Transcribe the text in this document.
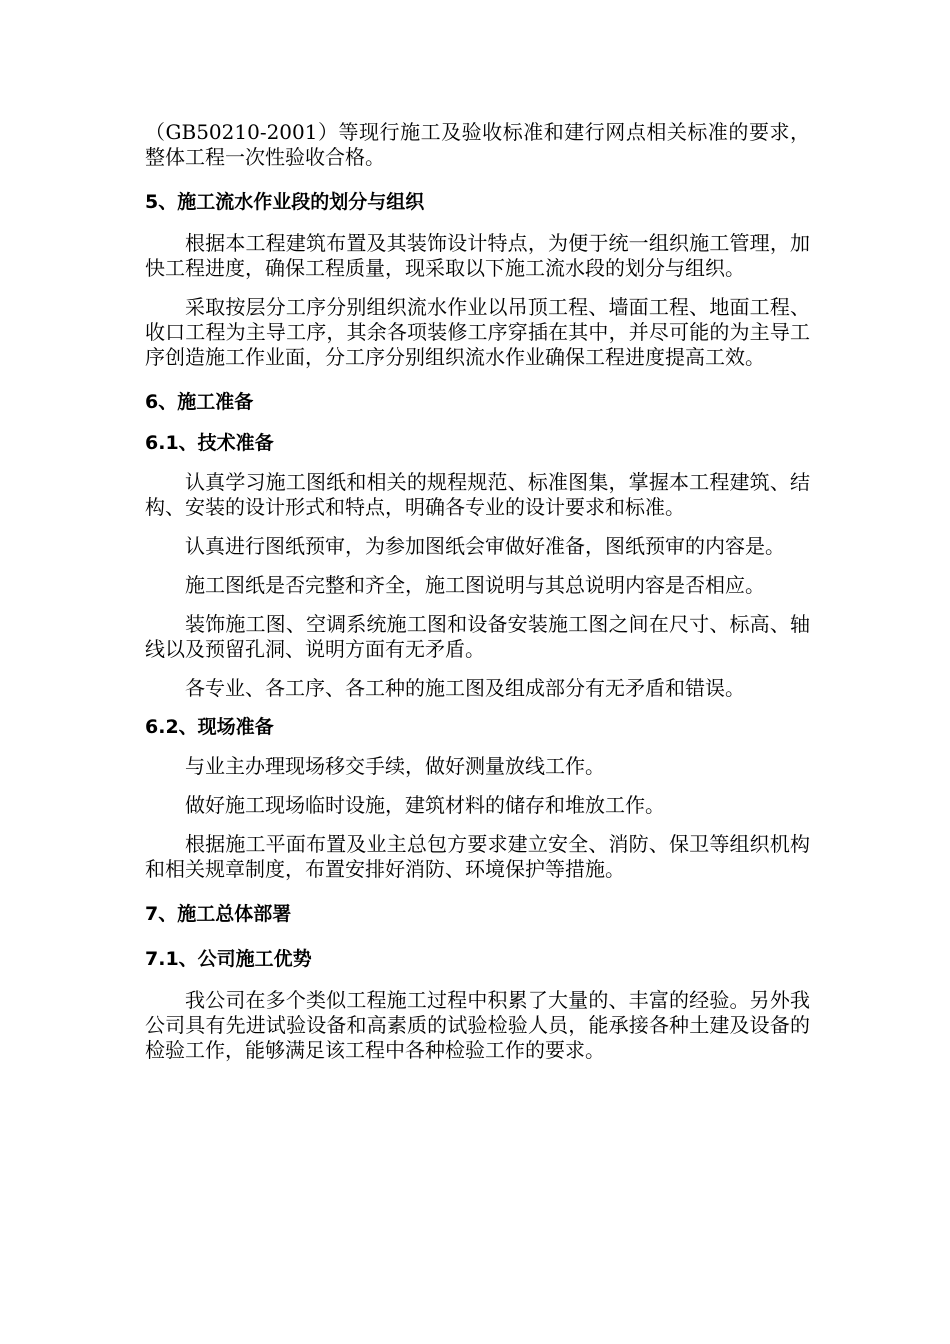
（GB50210-2001）等现行施工及验收标准和建行网点相关标准的要求，整体工程一次性验收合格。

5、施工流水作业段的划分与组织

根据本工程建筑布置及其装饰设计特点，为便于统一组织施工管理，加快工程进度，确保工程质量，现采取以下施工流水段的划分与组织。

采取按层分工序分别组织流水作业以吊顶工程、墙面工程、地面工程、收口工程为主导工序，其余各项装修工序穿插在其中，并尽可能的为主导工序创造施工作业面，分工序分别组织流水作业确保工程进度提高工效。

6、施工准备
6.1、技术准备

认真学习施工图纸和相关的规程规范、标准图集，掌握本工程建筑、结构、安装的设计形式和特点，明确各专业的设计要求和标准。

认真进行图纸预审，为参加图纸会审做好准备，图纸预审的内容是。

施工图纸是否完整和齐全，施工图说明与其总说明内容是否相应。

装饰施工图、空调系统施工图和设备安装施工图之间在尺寸、标高、轴线以及预留孔洞、说明方面有无矛盾。

各专业、各工序、各工种的施工图及组成部分有无矛盾和错误。

6.2、现场准备

与业主办理现场移交手续，做好测量放线工作。

做好施工现场临时设施，建筑材料的储存和堆放工作。

根据施工平面布置及业主总包方要求建立安全、消防、保卫等组织机构和相关规章制度，布置安排好消防、环境保护等措施。

7、施工总体部署
7.1、公司施工优势

我公司在多个类似工程施工过程中积累了大量的、丰富的经验。另外我公司具有先进试验设备和高素质的试验检验人员，能承接各种土建及设备的检验工作，能够满足该工程中各种检验工作的要求。
